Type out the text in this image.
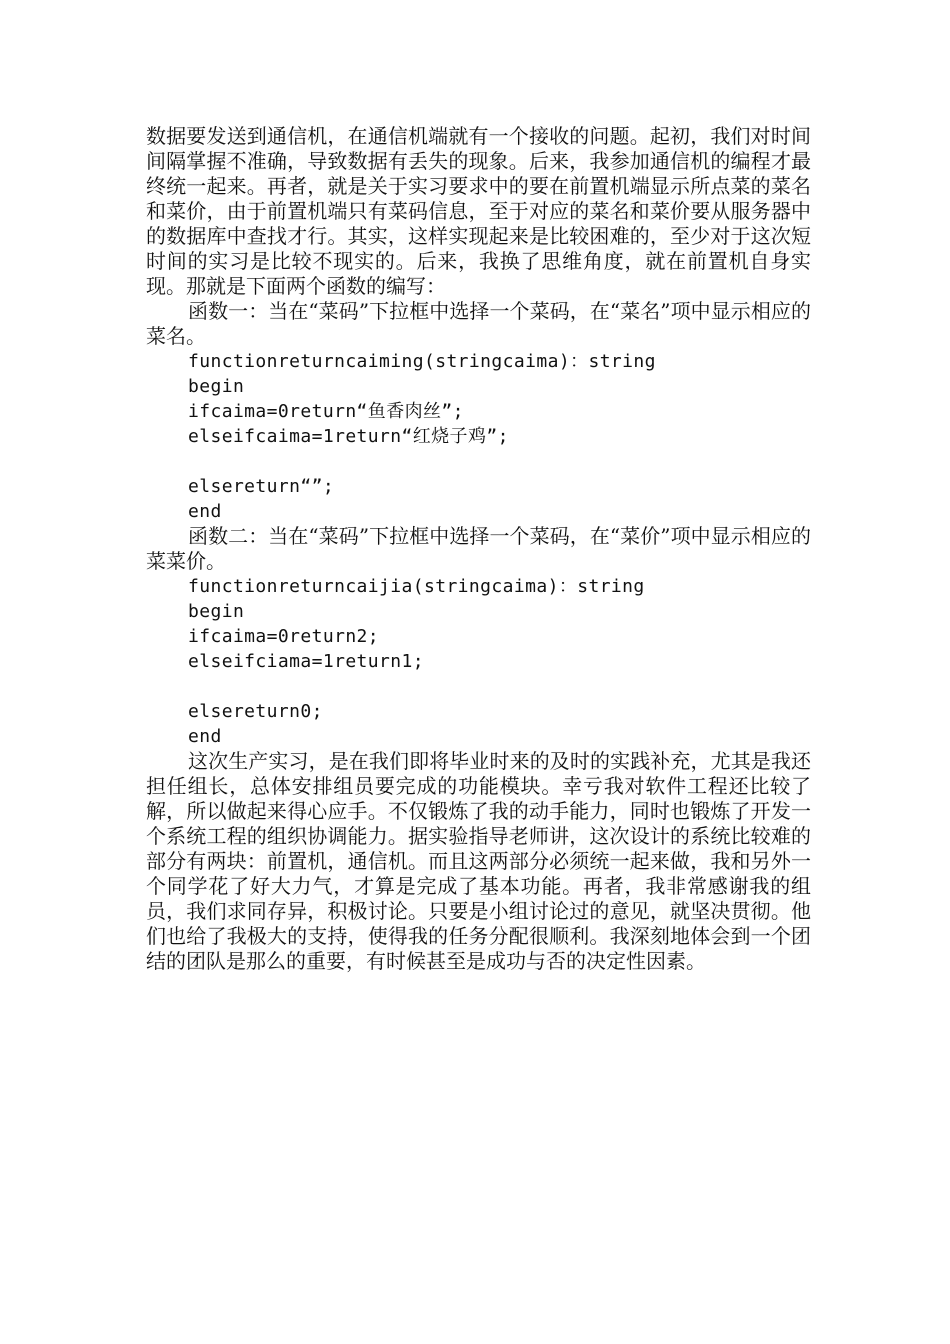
数据要发送到通信机，在通信机端就有一个接收的问题。起初，我们对时间间隔掌握不准确，导致数据有丢失的现象。后来，我参加通信机的编程才最终统一起来。再者，就是关于实习要求中的要在前置机端显示所点菜的菜名和菜价，由于前置机端只有菜码信息，至于对应的菜名和菜价要从服务器中的数据库中查找才行。其实，这样实现起来是比较困难的，至少对于这次短时间的实习是比较不现实的。后来，我换了思维角度，就在前置机自身实现。那就是下面两个函数的编写：

函数一：当在“菜码”下拉框中选择一个菜码，在“菜名”项中显示相应的菜名。

functionreturncaiming(stringcaima)：string
begin
ifcaima=0return“鱼香肉丝”;
elseifcaima=1return“红烧子鸡”;
elsereturn“”;
end

函数二：当在“菜码”下拉框中选择一个菜码，在“菜价”项中显示相应的菜菜价。

functionreturncaijia(stringcaima)：string
begin
ifcaima=0return2;
elseifciama=1return1;
elsereturn0;
end

这次生产实习，是在我们即将毕业时来的及时的实践补充，尤其是我还担任组长，总体安排组员要完成的功能模块。幸亏我对软件工程还比较了解，所以做起来得心应手。不仅锻炼了我的动手能力，同时也锻炼了开发一个系统工程的组织协调能力。据实验指导老师讲，这次设计的系统比较难的部分有两块：前置机，通信机。而且这两部分必须统一起来做，我和另外一个同学花了好大力气，才算是完成了基本功能。再者，我非常感谢我的组员，我们求同存异，积极讨论。只要是小组讨论过的意见，就坚决贯彻。他们也给了我极大的支持，使得我的任务分配很顺利。我深刻地体会到一个团结的团队是那么的重要，有时候甚至是成功与否的决定性因素。
